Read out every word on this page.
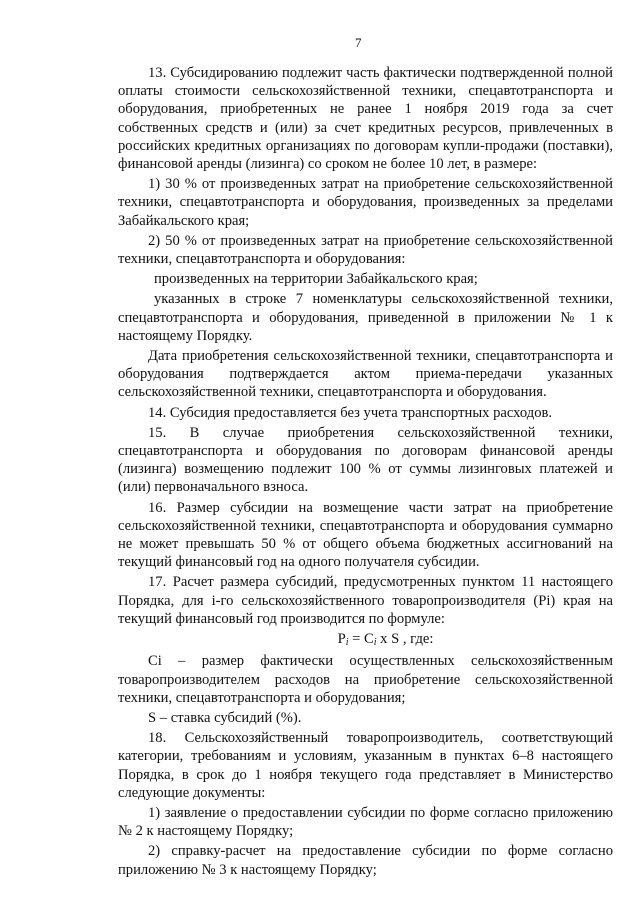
7

13. Субсидированию подлежит часть фактически подтвержденной полной оплаты стоимости сельскохозяйственной техники, спецавтотранспорта и оборудования, приобретенных не ранее 1 ноября 2019 года за счет собственных средств и (или) за счет кредитных ресурсов, привлеченных в российских кредитных организациях по договорам купли-продажи (поставки), финансовой аренды (лизинга) со сроком не более 10 лет, в размере:

1) 30 % от произведенных затрат на приобретение сельскохозяйственной техники, спецавтотранспорта и оборудования, произведенных за пределами Забайкальского края;

2) 50 % от произведенных затрат на приобретение сельскохозяйственной техники, спецавтотранспорта и оборудования:

произведенных на территории Забайкальского края;

указанных в строке 7 номенклатуры сельскохозяйственной техники, спецавтотранспорта и оборудования, приведенной в приложении № 1 к настоящему Порядку.

Дата приобретения сельскохозяйственной техники, спецавтотранспорта и оборудования подтверждается актом приема-передачи указанных сельскохозяйственной техники, спецавтотранспорта и оборудования.

14. Субсидия предоставляется без учета транспортных расходов.

15. В случае приобретения сельскохозяйственной техники, спецавтотранспорта и оборудования по договорам финансовой аренды (лизинга) возмещению подлежит 100 % от суммы лизинговых платежей и (или) первоначального взноса.

16. Размер субсидии на возмещение части затрат на приобретение сельскохозяйственной техники, спецавтотранспорта и оборудования суммарно не может превышать 50 % от общего объема бюджетных ассигнований на текущий финансовый год на одного получателя субсидии.

17. Расчет размера субсидий, предусмотренных пунктом 11 настоящего Порядка, для i-го сельскохозяйственного товаропроизводителя (Pi) края на текущий финансовый год производится по формуле:

$P_i = C_i$ x S , где:

Ci – размер фактически осуществленных сельскохозяйственным товаропроизводителем расходов на приобретение сельскохозяйственной техники, спецавтотранспорта и оборудования;

S – ставка субсидий (%).

18. Сельскохозяйственный товаропроизводитель, соответствующий категории, требованиям и условиям, указанным в пунктах 6–8 настоящего Порядка, в срок до 1 ноября текущего года представляет в Министерство следующие документы:

1) заявление о предоставлении субсидии по форме согласно приложению № 2 к настоящему Порядку;

2) справку-расчет на предоставление субсидии по форме согласно приложению № 3 к настоящему Порядку;
